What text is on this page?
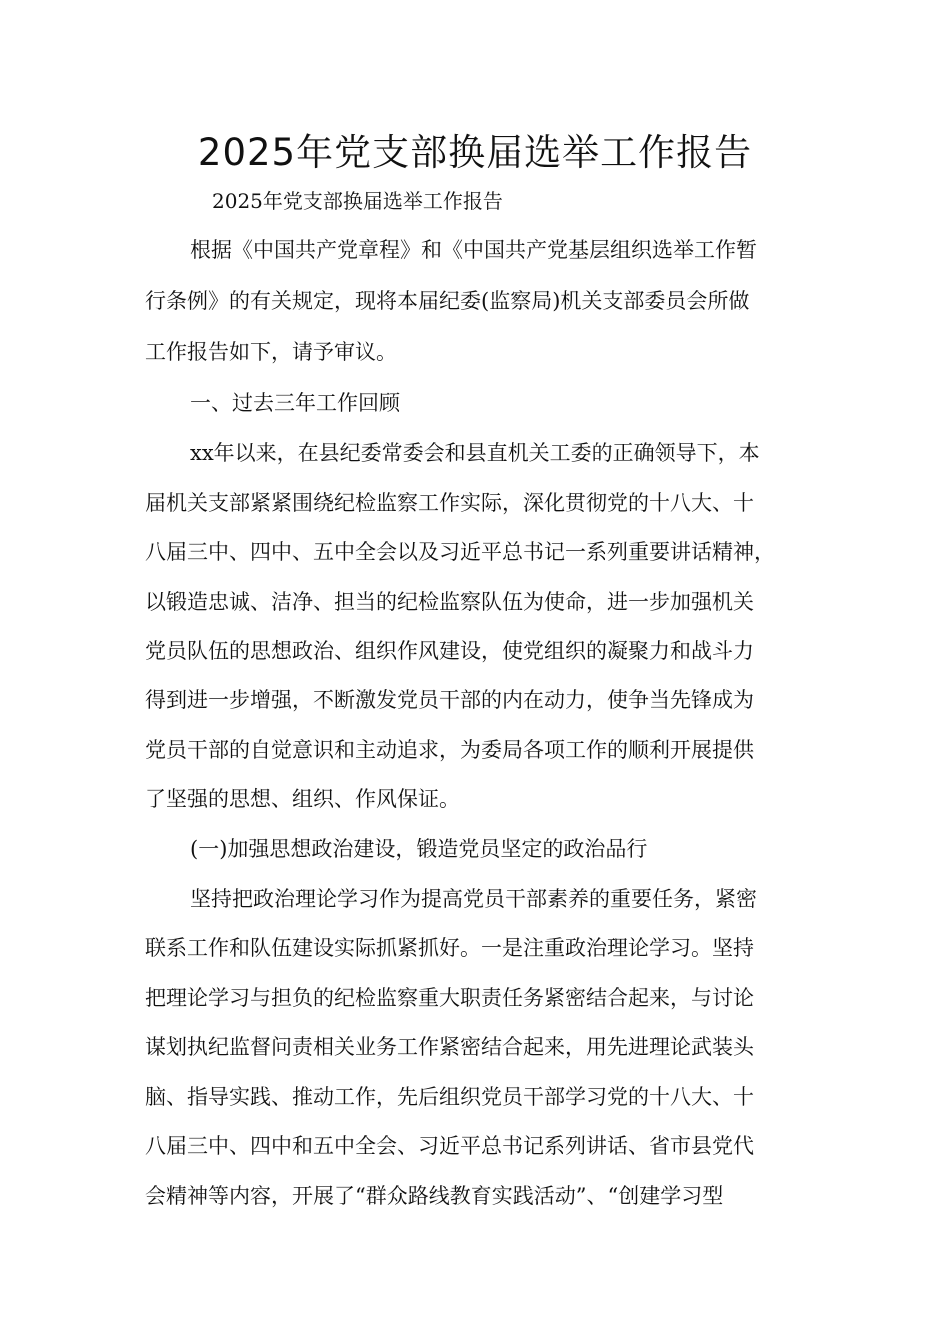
2025年党支部换届选举工作报告

2025年党支部换届选举工作报告

根据《中国共产党章程》和《中国共产党基层组织选举工作暂

行条例》的有关规定，现将本届纪委(监察局)机关支部委员会所做

工作报告如下，请予审议。

一、过去三年工作回顾

xx年以来，在县纪委常委会和县直机关工委的正确领导下，本

届机关支部紧紧围绕纪检监察工作实际，深化贯彻党的十八大、十

八届三中、四中、五中全会以及习近平总书记一系列重要讲话精神，

以锻造忠诚、洁净、担当的纪检监察队伍为使命，进一步加强机关

党员队伍的思想政治、组织作风建设，使党组织的凝聚力和战斗力

得到进一步增强，不断激发党员干部的内在动力，使争当先锋成为

党员干部的自觉意识和主动追求，为委局各项工作的顺利开展提供

了坚强的思想、组织、作风保证。

(一)加强思想政治建设，锻造党员坚定的政治品行

坚持把政治理论学习作为提高党员干部素养的重要任务，紧密

联系工作和队伍建设实际抓紧抓好。一是注重政治理论学习。坚持

把理论学习与担负的纪检监察重大职责任务紧密结合起来，与讨论

谋划执纪监督问责相关业务工作紧密结合起来，用先进理论武装头

脑、指导实践、推动工作，先后组织党员干部学习党的十八大、十

八届三中、四中和五中全会、习近平总书记系列讲话、省市县党代

会精神等内容，开展了“群众路线教育实践活动”、“创建学习型
